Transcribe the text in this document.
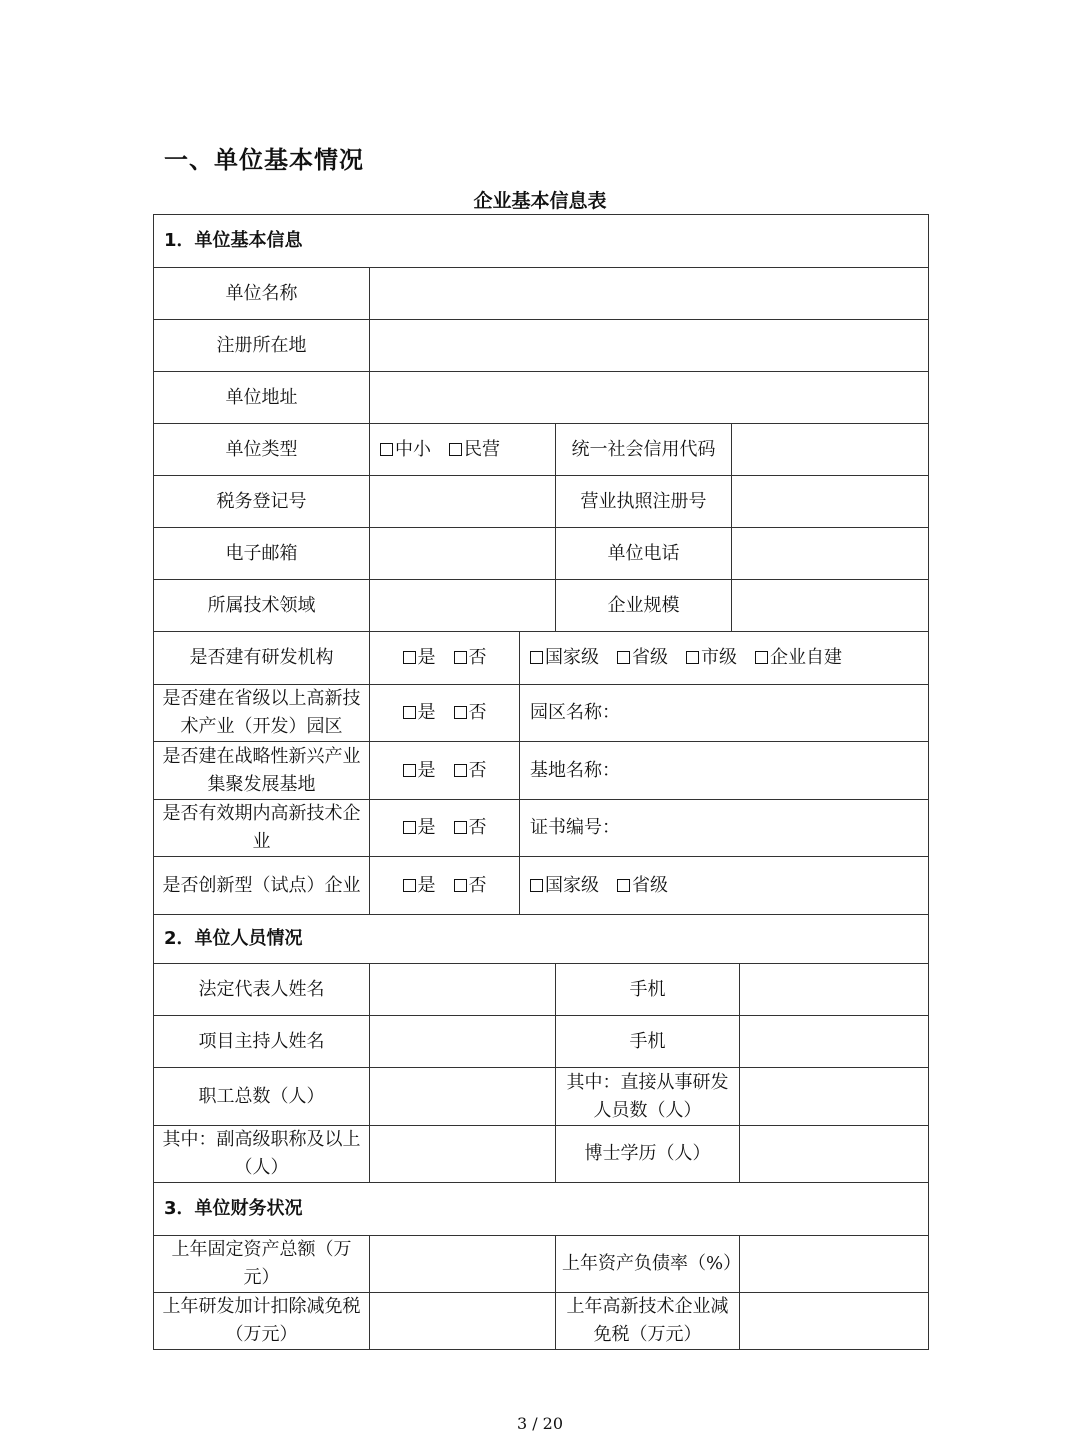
一、单位基本情况
企业基本信息表
1．单位基本信息					
单位名称					
注册所在地					
单位地址					
单位类型	中小 民营		统一社会信用代码		
税务登记号			营业执照注册号		
电子邮箱			单位电话		
所属技术领域			企业规模		
是否建有研发机构	是 否	国家级 省级 市级 企业自建			
是否建在省级以上高新技术产业（开发）园区	是 否	园区名称：			
是否建在战略性新兴产业集聚发展基地	是 否	基地名称：			
是否有效期内高新技术企业	是 否	证书编号：			
是否创新型（试点）企业	是 否	国家级 省级			
2．单位人员情况					
法定代表人姓名			手机		
项目主持人姓名			手机		
职工总数（人）			其中：直接从事研发人员数（人）		
其中：副高级职称及以上（人）			博士学历（人）		
3．单位财务状况					
上年固定资产总额（万元）			上年资产负债率（%）		
上年研发加计扣除减免税（万元）			上年高新技术企业减免税（万元）		
3 / 20
